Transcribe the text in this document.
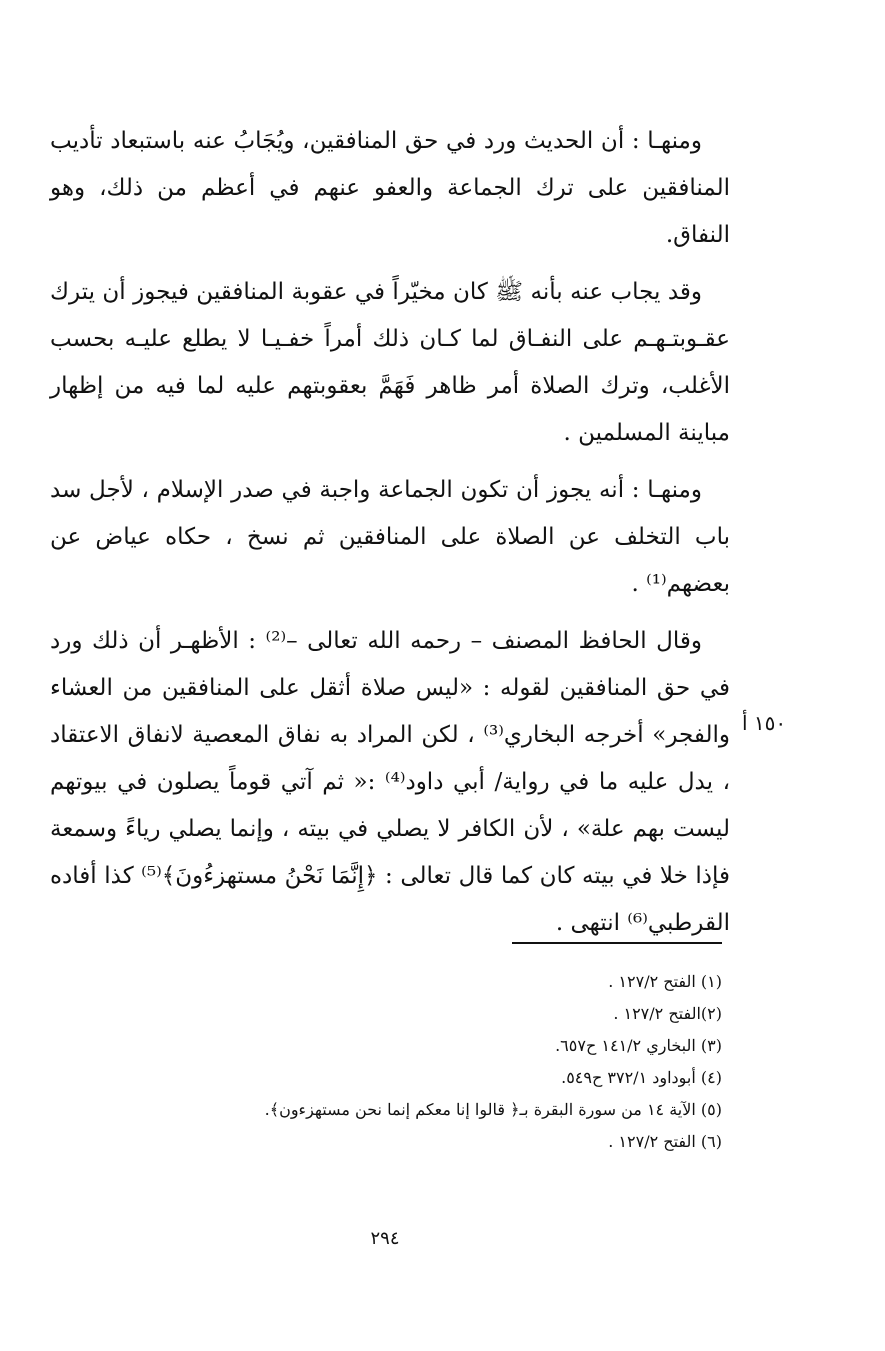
ومنهـا : أن الحديث ورد في حق المنافقين، ويُجَابُ عنه باستبعاد تأديب المنافقين على ترك الجماعة والعفو عنهم في أعظم من ذلك، وهو النفاق.

وقد يجاب عنه بأنه ﷺ كان مخيّراً في عقوبة المنافقين فيجوز أن يترك عقـوبتـهـم على النفـاق لما كـان ذلك أمراً خفـيـا لا يطلع عليـه بحسب الأغلب، وترك الصلاة أمر ظاهر فَهَمَّ بعقوبتهم عليه لما فيه من إظهار مباينة المسلمين .

ومنهـا : أنه يجوز أن تكون الجماعة واجبة في صدر الإسلام ، لأجل سد باب التخلف عن الصلاة على المنافقين ثم نسخ ، حكاه عياض عن بعضهم⁽¹⁾ .

وقال الحافظ المصنف – رحمه الله تعالى –⁽²⁾ : الأظهـر أن ذلك ورد في حق المنافقين لقوله : «ليس صلاة أثقل على المنافقين من العشاء والفجر» أخرجه البخاري⁽³⁾ ، لكن المراد به نفاق المعصية لانفاق الاعتقاد ، يدل عليه ما في رواية/ أبي داود⁽⁴⁾ :« ثم آتي قوماً يصلون في بيوتهم ليست بهم علة» ، لأن الكافر لا يصلي في بيته ، وإنما يصلي رياءً وسمعة فإذا خلا في بيته كان كما قال تعالى : ﴿إِنَّمَا نَحْنُ مستهزءُونَ﴾⁽⁵⁾ كذا أفاده القرطبي⁽⁶⁾ انتهى .

١٥٠ أ

(١) الفتح ١٢٧/٢ .

(٢)الفتح ١٢٧/٢ .

(٣) البخاري ١٤١/٢ ح٦٥٧.

(٤) أبوداود ٣٧٢/١ ح٥٤٩.

(٥) الآية ١٤ من سورة البقرة بـ﴿ قالوا إنا معكم إنما نحن مستهزءون﴾.

(٦) الفتح ١٢٧/٢ .

٢٩٤
